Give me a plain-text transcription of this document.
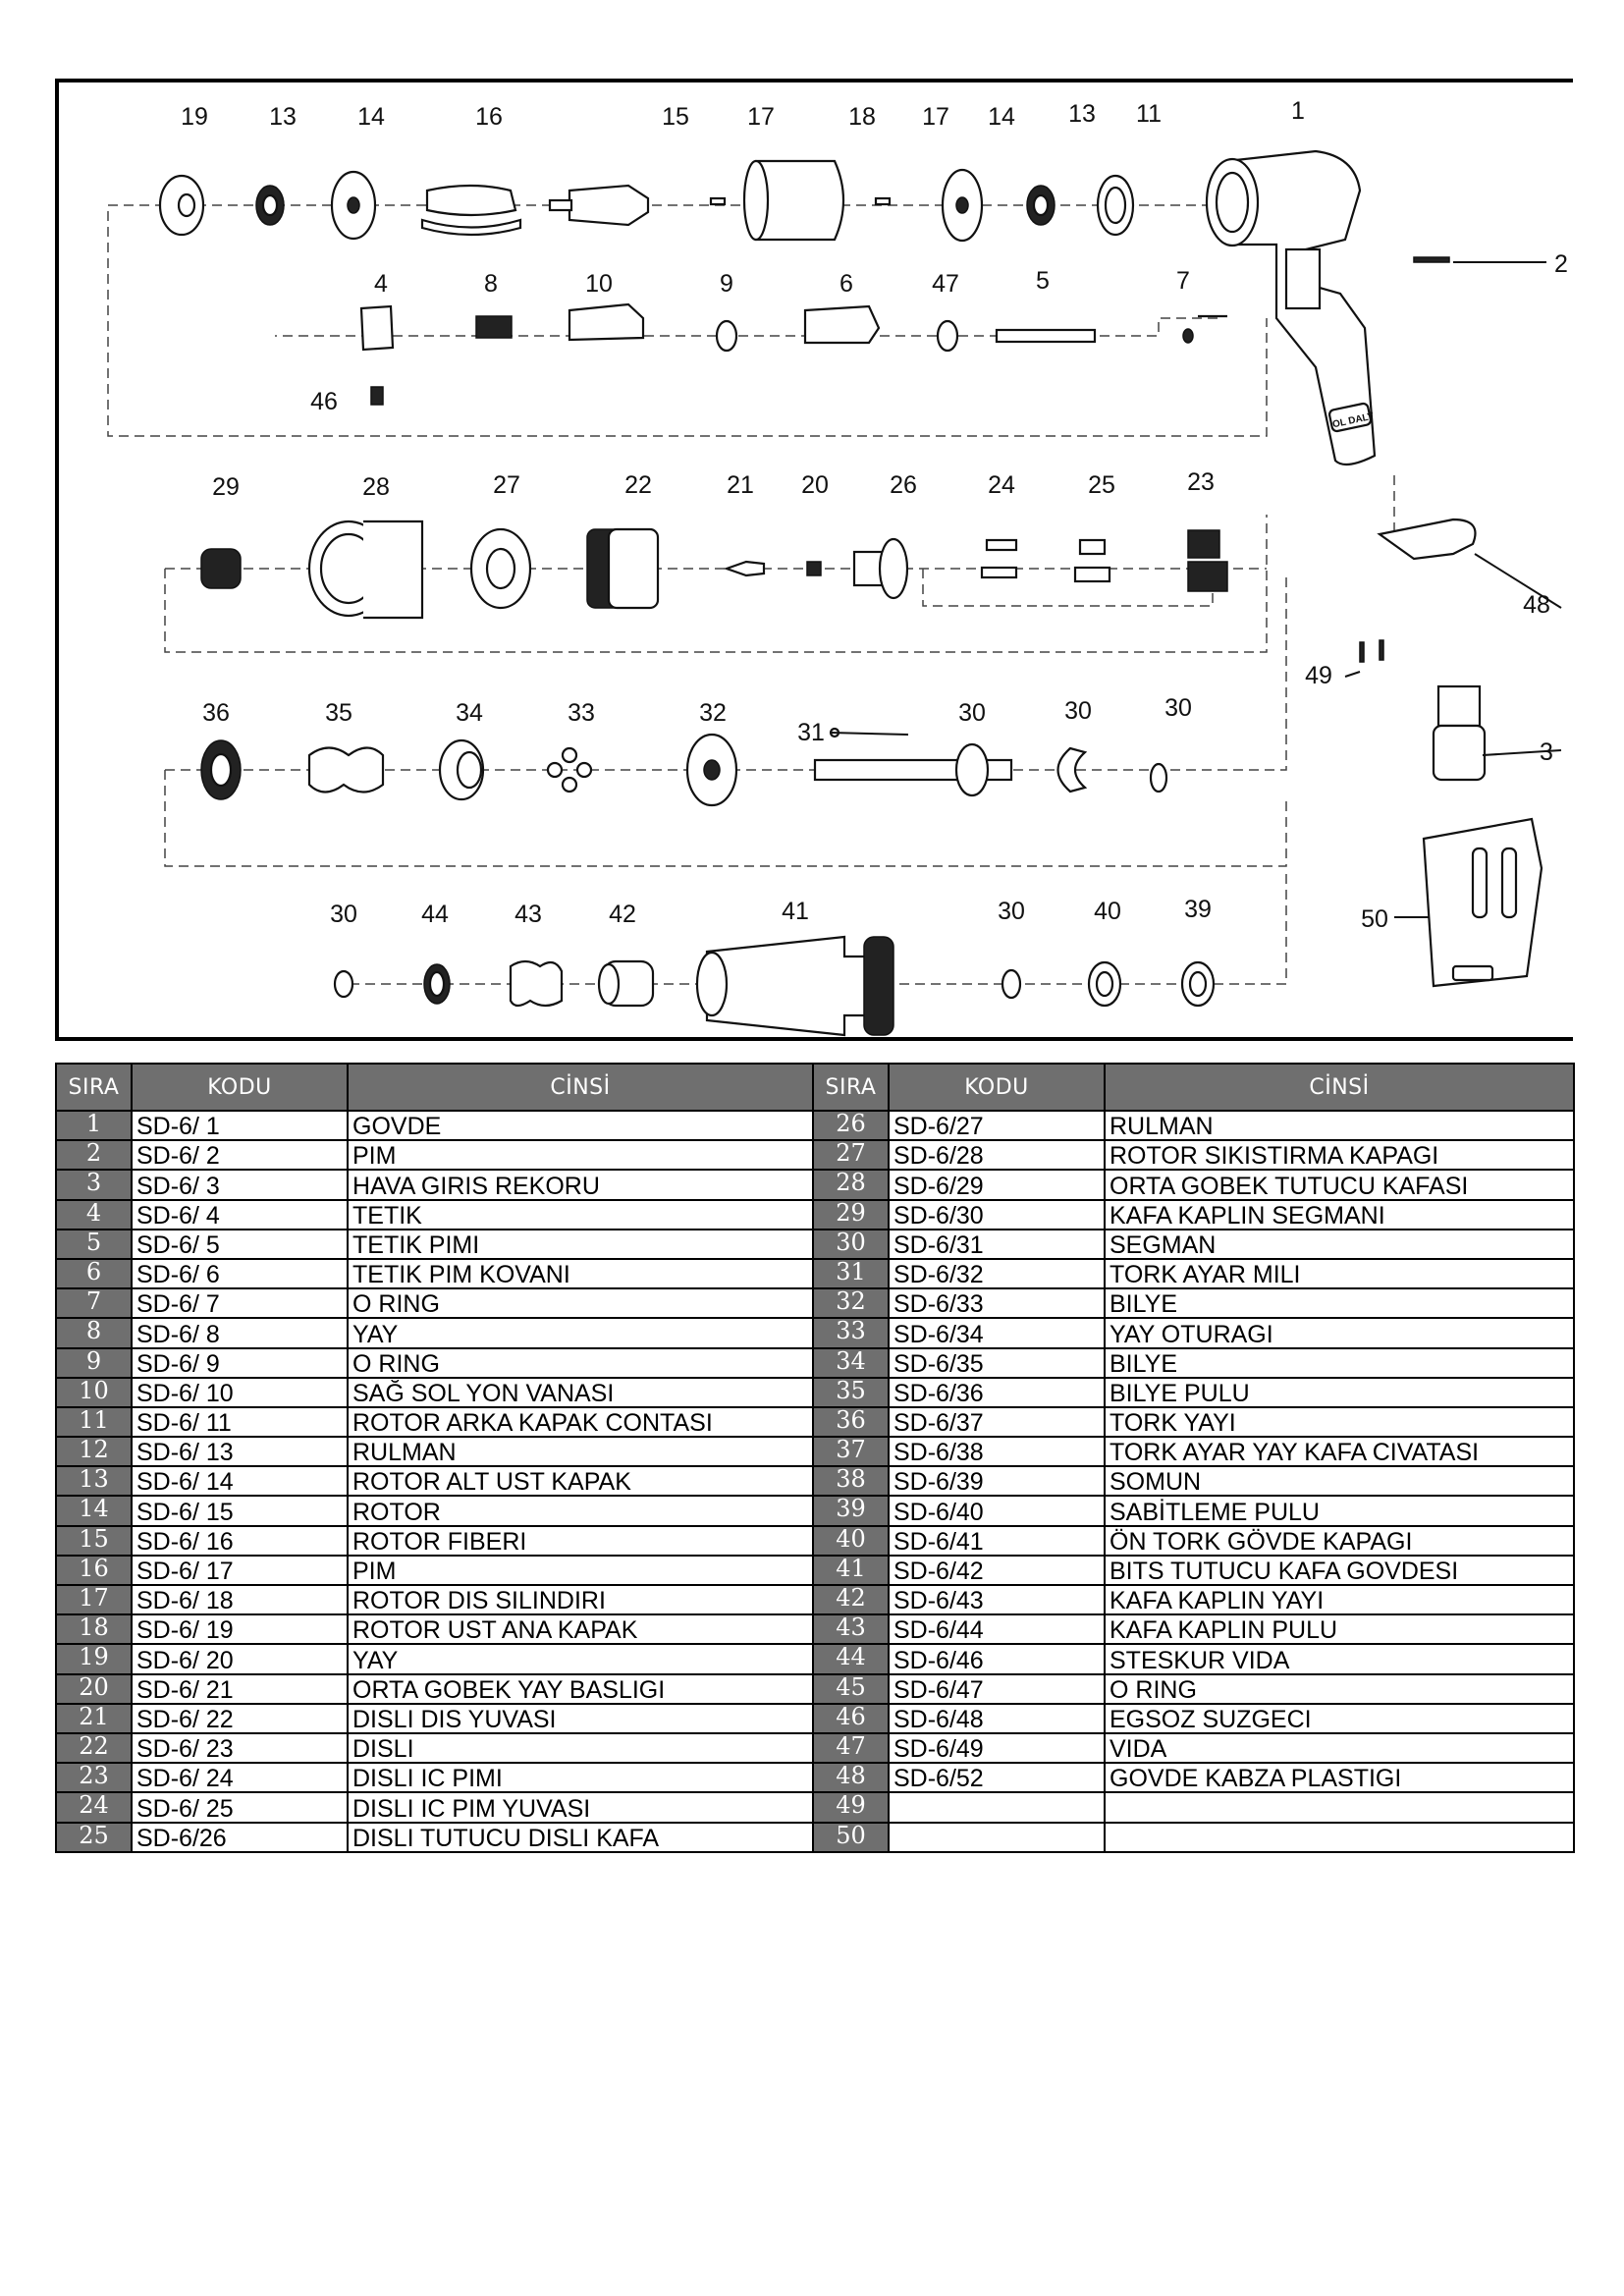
OL DALY
19 13 14	16	15 17	18 17 14 13 11	1
2
4	8	10	9	6	47	5	7
46
29	28	27	22	21 20 26	24	25	23
48
49
3
50
36	35	34	33	32
31
30	30	30
30	44	43	42	41	30	40	39
SIRA	KODU	CİNSİ	SIRA	KODU	CİNSİ
1	SD-6/ 1	GOVDE	26	SD-6/27	RULMAN
2	SD-6/ 2	PIM	27	SD-6/28	ROTOR SIKISTIRMA KAPAGI
3	SD-6/ 3	HAVA GIRIS REKORU	28	SD-6/29	ORTA GOBEK TUTUCU KAFASI
4	SD-6/ 4	TETIK	29	SD-6/30	KAFA KAPLIN SEGMANI
5	SD-6/ 5	TETIK PIMI	30	SD-6/31	SEGMAN
6	SD-6/ 6	TETIK PIM KOVANI	31	SD-6/32	TORK AYAR MILI
7	SD-6/ 7	O RING	32	SD-6/33	BILYE
8	SD-6/ 8	YAY	33	SD-6/34	YAY OTURAGI
9	SD-6/ 9	O RING	34	SD-6/35	BILYE
10	SD-6/ 10	SAĞ SOL YON VANASI	35	SD-6/36	BILYE PULU
11	SD-6/ 11	ROTOR ARKA KAPAK CONTASI	36	SD-6/37	TORK YAYI
12	SD-6/ 13	RULMAN	37	SD-6/38	TORK AYAR YAY KAFA CIVATASI
13	SD-6/ 14	ROTOR ALT UST KAPAK	38	SD-6/39	SOMUN
14	SD-6/ 15	ROTOR	39	SD-6/40	SABİTLEME PULU
15	SD-6/ 16	ROTOR FIBERI	40	SD-6/41	ÖN TORK GÖVDE KAPAGI
16	SD-6/ 17	PIM	41	SD-6/42	BITS TUTUCU KAFA GOVDESI
17	SD-6/ 18	ROTOR DIS SILINDIRI	42	SD-6/43	KAFA KAPLIN YAYI
18	SD-6/ 19	ROTOR UST ANA KAPAK	43	SD-6/44	KAFA KAPLIN PULU
19	SD-6/ 20	YAY	44	SD-6/46	STESKUR VIDA
20	SD-6/ 21	ORTA GOBEK YAY BASLIGI	45	SD-6/47	O RING
21	SD-6/ 22	DISLI DIS YUVASI	46	SD-6/48	EGSOZ SUZGECI
22	SD-6/ 23	DISLI	47	SD-6/49	VIDA
23	SD-6/ 24	DISLI IC PIMI	48	SD-6/52	GOVDE KABZA PLASTIGI
24	SD-6/ 25	DISLI IC PIM YUVASI	49		
25	SD-6/26	DISLI TUTUCU DISLI KAFA	50		
